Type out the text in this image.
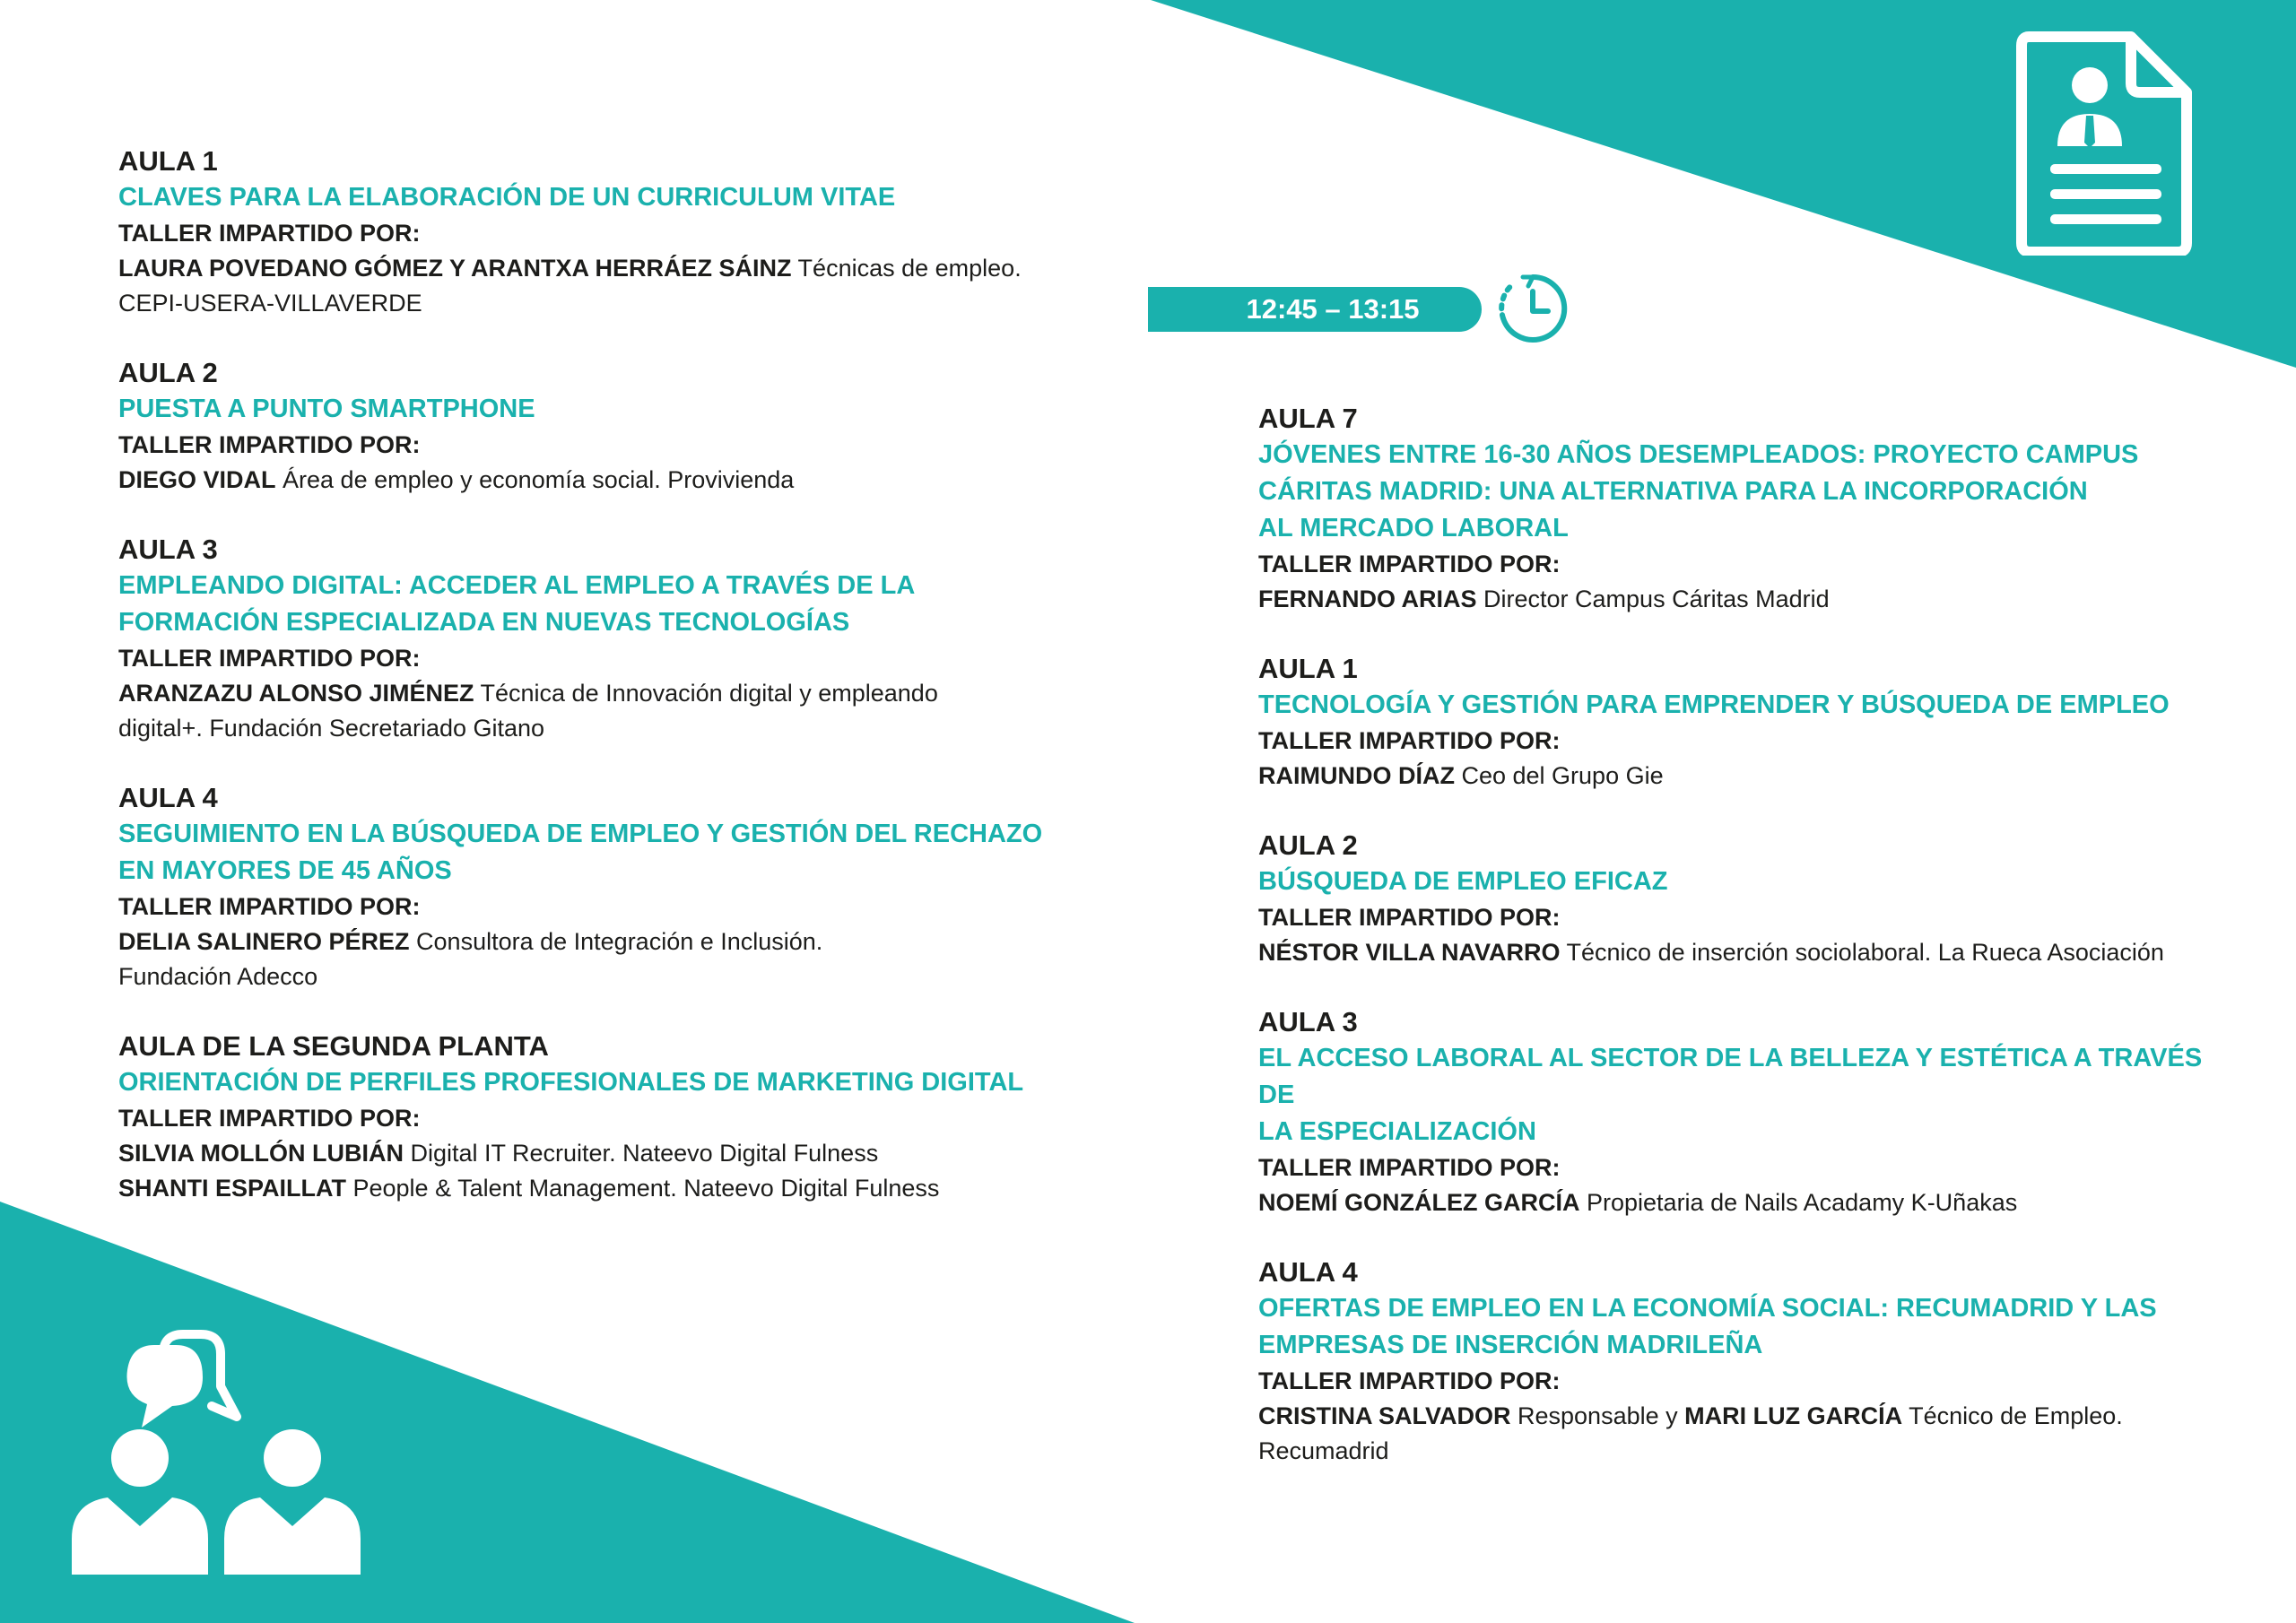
12:45 – 13:15
AULA 1
CLAVES PARA LA ELABORACIÓN DE UN CURRICULUM VITAE
TALLER IMPARTIDO POR:
LAURA POVEDANO GÓMEZ Y ARANTXA HERRÁEZ SÁINZ Técnicas de empleo.
CEPI-USERA-VILLAVERDE
AULA 2
PUESTA A PUNTO SMARTPHONE
TALLER IMPARTIDO POR:
DIEGO VIDAL Área de empleo y economía social. Provivienda
AULA 3
EMPLEANDO DIGITAL: ACCEDER AL EMPLEO A TRAVÉS DE LA
FORMACIÓN ESPECIALIZADA EN NUEVAS TECNOLOGÍAS
TALLER IMPARTIDO POR:
ARANZAZU ALONSO JIMÉNEZ Técnica de Innovación digital y empleando
digital+. Fundación Secretariado Gitano
AULA 4
SEGUIMIENTO EN LA BÚSQUEDA DE EMPLEO Y GESTIÓN DEL RECHAZO
EN MAYORES DE 45 AÑOS
TALLER IMPARTIDO POR:
DELIA SALINERO PÉREZ Consultora de Integración e Inclusión.
Fundación Adecco
AULA DE LA SEGUNDA PLANTA
ORIENTACIÓN DE PERFILES PROFESIONALES DE MARKETING DIGITAL
TALLER IMPARTIDO POR:
SILVIA MOLLÓN LUBIÁN Digital IT Recruiter. Nateevo Digital Fulness
SHANTI ESPAILLAT People & Talent Management. Nateevo Digital Fulness
AULA 7
JÓVENES ENTRE 16-30 AÑOS DESEMPLEADOS: PROYECTO CAMPUS
CÁRITAS MADRID: UNA ALTERNATIVA PARA LA INCORPORACIÓN
AL MERCADO LABORAL
TALLER IMPARTIDO POR:
FERNANDO ARIAS Director Campus Cáritas Madrid
AULA 1
TECNOLOGÍA Y GESTIÓN PARA EMPRENDER Y BÚSQUEDA DE EMPLEO
TALLER IMPARTIDO POR:
RAIMUNDO DÍAZ Ceo del Grupo Gie
AULA 2
BÚSQUEDA DE EMPLEO EFICAZ
TALLER IMPARTIDO POR:
NÉSTOR VILLA NAVARRO Técnico de inserción sociolaboral. La Rueca Asociación
AULA 3
EL ACCESO LABORAL AL SECTOR DE LA BELLEZA Y ESTÉTICA A TRAVÉS DE
LA ESPECIALIZACIÓN
TALLER IMPARTIDO POR:
NOEMÍ GONZÁLEZ GARCÍA Propietaria de Nails Acadamy K-Uñakas
AULA 4
OFERTAS DE EMPLEO EN LA ECONOMÍA SOCIAL: RECUMADRID Y LAS
EMPRESAS DE INSERCIÓN MADRILEÑA
TALLER IMPARTIDO POR:
CRISTINA SALVADOR Responsable y MARI LUZ GARCÍA Técnico de Empleo.
Recumadrid
